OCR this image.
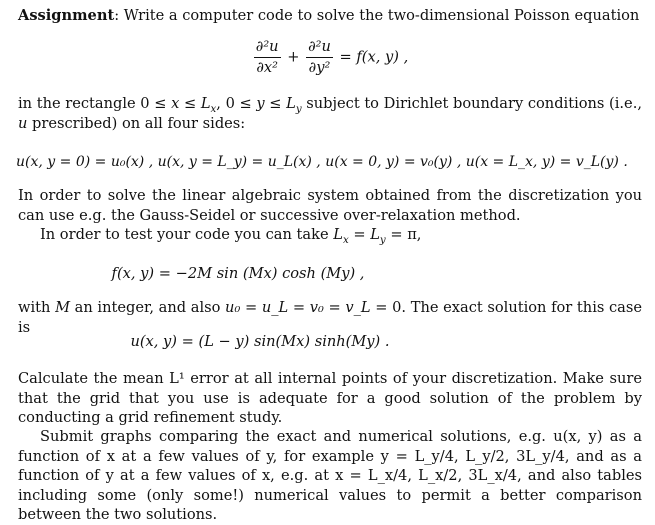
Assignment: Write a computer code to solve the two-dimensional Poisson equation
$\frac{\text{∂²u}}{\text{∂x²}} + \frac{\text{∂²u}}{\text{∂y²}} = f(x$, y) ,
in the rectangle $0 \le x \le L_x$, $0 \le y \le L_y$ subject to Dirichlet boundary conditions (i.e., u prescribed) on all four sides:
u(x, y = 0) = u₀(x) , u(x, y = L_y) = u_L(x) , u(x = 0, y) = v₀(y) , u(x = L_x, y) = v_L(y) .
In order to solve the linear algebraic system obtained from the discretization you can use e.g. the Gauss-Seidel or successive over-relaxation method.
In order to test your code you can take $L_x = L_y = \pi$,
f(x, y) = −2M sin (Mx) cosh (My) ,
with M an integer, and also u₀ = u_L = v₀ = v_L = 0. The exact solution for this case is
u(x, y) = (L − y) sin(Mx) sinh(My) .
Calculate the mean L¹ error at all internal points of your discretization. Make sure that the grid that you use is adequate for a good solution of the problem by conducting a grid refinement study.
Submit graphs comparing the exact and numerical solutions, e.g. u(x, y) as a function of x at a few values of y, for example y = L_y/4, L_y/2, 3L_y/4, and as a function of y at a few values of x, e.g. at x = L_x/4, L_x/2, 3L_x/4, and also tables including some (only some!) numerical values to permit a better comparison between the two solutions.
